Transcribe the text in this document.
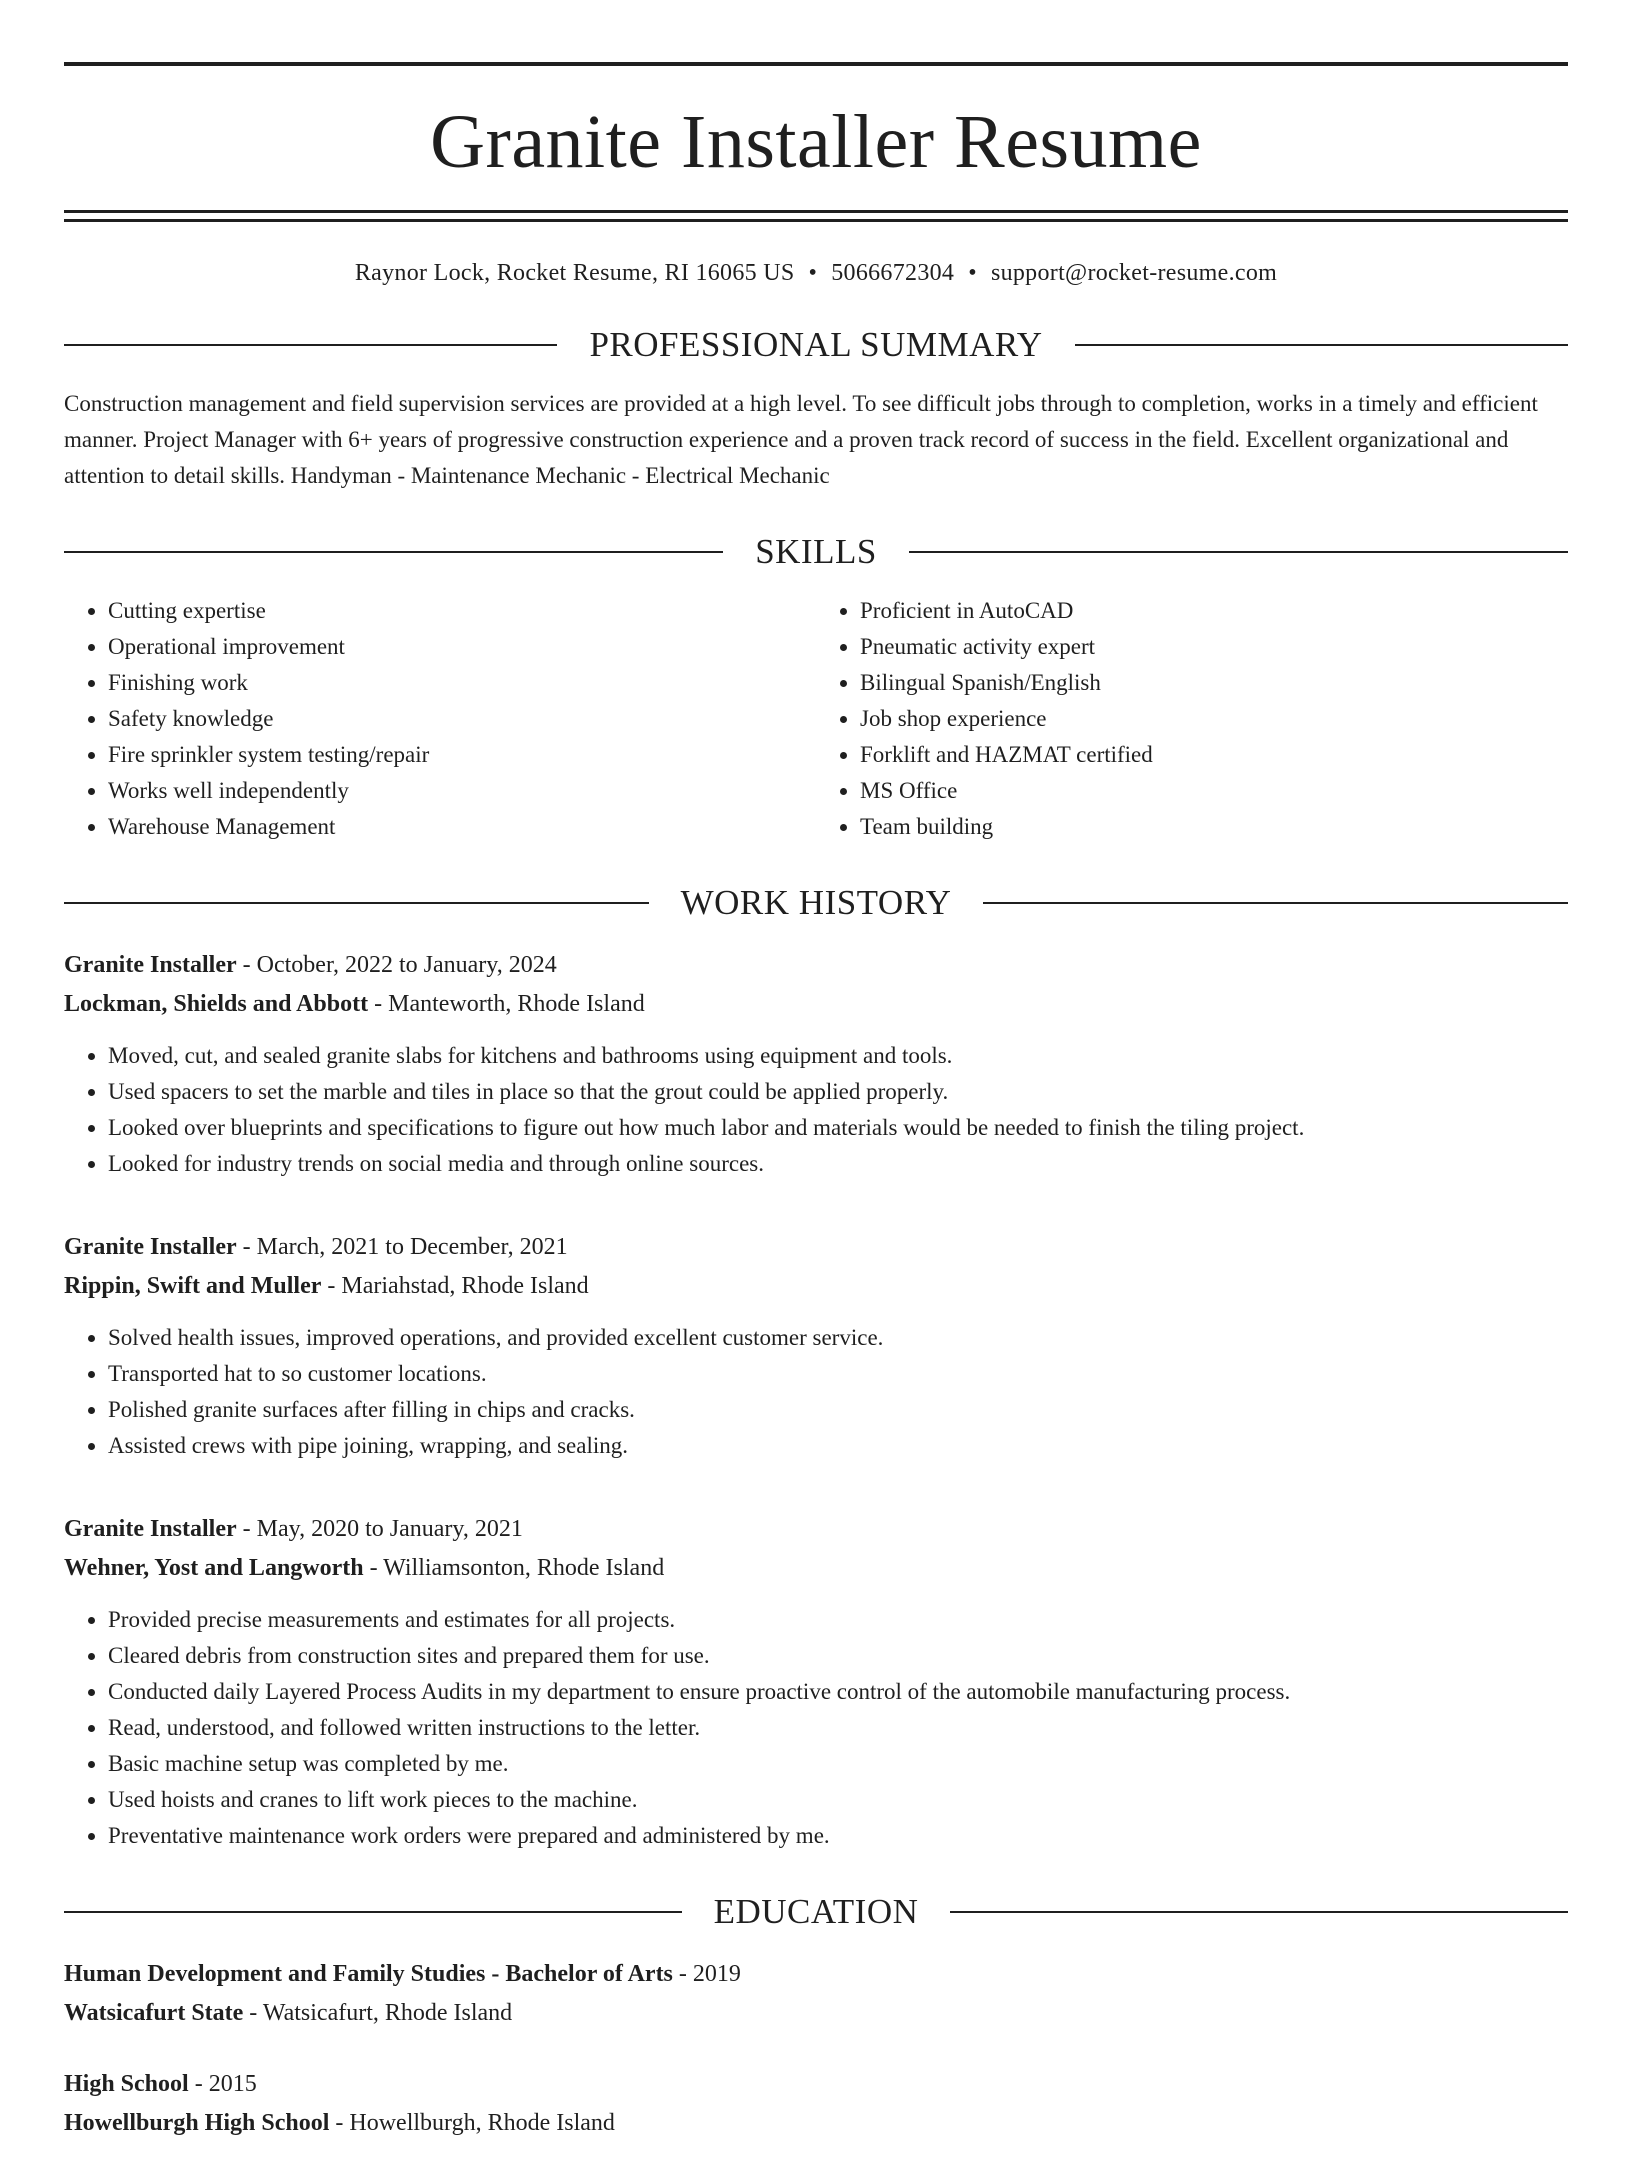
Granite Installer Resume
Raynor Lock, Rocket Resume, RI 16065 US • 5066672304 • support@rocket-resume.com
PROFESSIONAL SUMMARY

Construction management and field supervision services are provided at a high level. To see difficult jobs through to completion, works in a timely and efficient manner. Project Manager with 6+ years of progressive construction experience and a proven track record of success in the field. Excellent organizational and attention to detail skills. Handyman - Maintenance Mechanic - Electrical Mechanic

SKILLS
• Cutting expertise
• Operational improvement
• Finishing work
• Safety knowledge
• Fire sprinkler system testing/repair
• Works well independently
• Warehouse Management
• Proficient in AutoCAD
• Pneumatic activity expert
• Bilingual Spanish/English
• Job shop experience
• Forklift and HAZMAT certified
• MS Office
• Team building
WORK HISTORY
Granite Installer - October, 2022 to January, 2024
Lockman, Shields and Abbott - Manteworth, Rhode Island
• Moved, cut, and sealed granite slabs for kitchens and bathrooms using equipment and tools.
• Used spacers to set the marble and tiles in place so that the grout could be applied properly.
• Looked over blueprints and specifications to figure out how much labor and materials would be needed to finish the tiling project.
• Looked for industry trends on social media and through online sources.
Granite Installer - March, 2021 to December, 2021
Rippin, Swift and Muller - Mariahstad, Rhode Island
• Solved health issues, improved operations, and provided excellent customer service.
• Transported hat to so customer locations.
• Polished granite surfaces after filling in chips and cracks.
• Assisted crews with pipe joining, wrapping, and sealing.
Granite Installer - May, 2020 to January, 2021
Wehner, Yost and Langworth - Williamsonton, Rhode Island
• Provided precise measurements and estimates for all projects.
• Cleared debris from construction sites and prepared them for use.
• Conducted daily Layered Process Audits in my department to ensure proactive control of the automobile manufacturing process.
• Read, understood, and followed written instructions to the letter.
• Basic machine setup was completed by me.
• Used hoists and cranes to lift work pieces to the machine.
• Preventative maintenance work orders were prepared and administered by me.
EDUCATION
Human Development and Family Studies - Bachelor of Arts - 2019
Watsicafurt State - Watsicafurt, Rhode Island
High School - 2015
Howellburgh High School - Howellburgh, Rhode Island
